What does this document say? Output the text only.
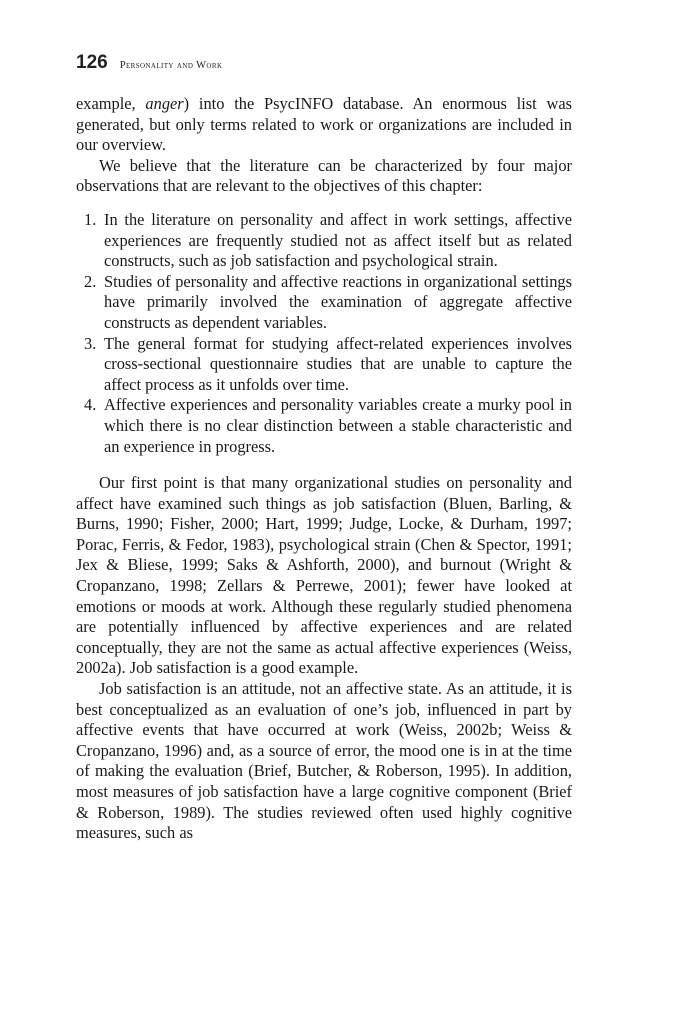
126 Personality and Work

example, anger) into the PsycINFO database. An enormous list was generated, but only terms related to work or organizations are included in our overview.

We believe that the literature can be characterized by four major observations that are relevant to the objectives of this chapter:

1. In the literature on personality and affect in work settings, affective experiences are frequently studied not as affect itself but as related constructs, such as job satisfaction and psychological strain.
2. Studies of personality and affective reactions in organizational settings have primarily involved the examination of aggregate affective constructs as dependent variables.
3. The general format for studying affect-related experiences involves cross-sectional questionnaire studies that are unable to capture the affect process as it unfolds over time.
4. Affective experiences and personality variables create a murky pool in which there is no clear distinction between a stable characteristic and an experience in progress.

Our first point is that many organizational studies on personality and affect have examined such things as job satisfaction (Bluen, Barling, & Burns, 1990; Fisher, 2000; Hart, 1999; Judge, Locke, & Durham, 1997; Porac, Ferris, & Fedor, 1983), psychological strain (Chen & Spector, 1991; Jex & Bliese, 1999; Saks & Ashforth, 2000), and burnout (Wright & Cropanzano, 1998; Zellars & Perrewe, 2001); fewer have looked at emotions or moods at work. Although these regularly studied phenomena are potentially influenced by affective experiences and are related conceptually, they are not the same as actual affective experiences (Weiss, 2002a). Job satisfaction is a good example.

Job satisfaction is an attitude, not an affective state. As an attitude, it is best conceptualized as an evaluation of one’s job, influenced in part by affective events that have occurred at work (Weiss, 2002b; Weiss & Cropanzano, 1996) and, as a source of error, the mood one is in at the time of making the evaluation (Brief, Butcher, & Roberson, 1995). In addition, most measures of job satisfaction have a large cognitive component (Brief & Roberson, 1989). The studies reviewed often used highly cognitive measures, such as
